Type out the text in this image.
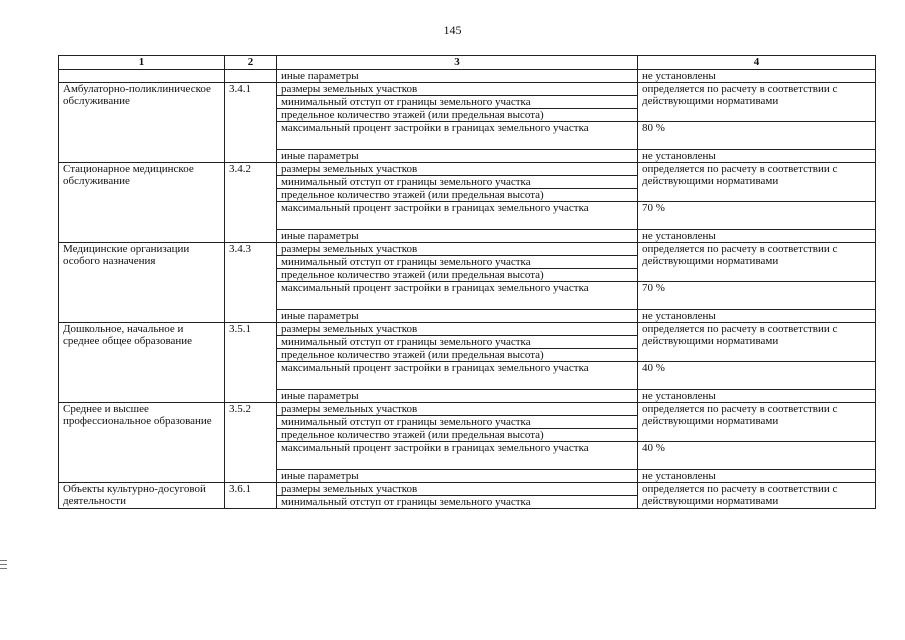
145
1	2	3	4
		иные параметры	не установлены
Амбулаторно-поликлиническое обслуживание	3.4.1	размеры земельных участков	определяется по расчету в соответствии с действующими нормативами
		минимальный отступ от границы земельного участка	
		предельное количество этажей (или предельная высота)	
		максимальный процент застройки в границах земельного участка	80 %
		иные параметры	не установлены
Стационарное медицинское обслуживание	3.4.2	размеры земельных участков	определяется по расчету в соответствии с действующими нормативами
		минимальный отступ от границы земельного участка	
		предельное количество этажей (или предельная высота)	
		максимальный процент застройки в границах земельного участка	70 %
		иные параметры	не установлены
Медицинские организации особого назначения	3.4.3	размеры земельных участков	определяется по расчету в соответствии с действующими нормативами
		минимальный отступ от границы земельного участка	
		предельное количество этажей (или предельная высота)	
		максимальный процент застройки в границах земельного участка	70 %
		иные параметры	не установлены
Дошкольное, начальное и среднее общее образование	3.5.1	размеры земельных участков	определяется по расчету в соответствии с действующими нормативами
		минимальный отступ от границы земельного участка	
		предельное количество этажей (или предельная высота)	
		максимальный процент застройки в границах земельного участка	40 %
		иные параметры	не установлены
Среднее и высшее профессиональное образование	3.5.2	размеры земельных участков	определяется по расчету в соответствии с действующими нормативами
		минимальный отступ от границы земельного участка	
		предельное количество этажей (или предельная высота)	
		максимальный процент застройки в границах земельного участка	40 %
		иные параметры	не установлены
Объекты культурно-досуговой деятельности	3.6.1	размеры земельных участков	определяется по расчету в соответствии с действующими нормативами
		минимальный отступ от границы земельного участка	
